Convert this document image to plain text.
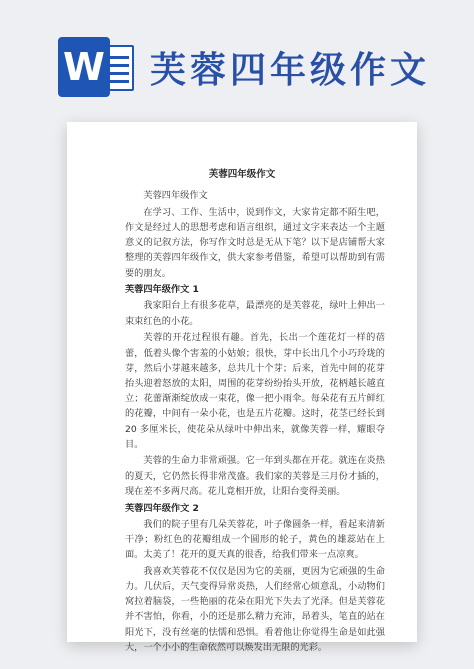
W 芙蓉四年级作文
芙蓉四年级作文

芙蓉四年级作文

在学习、工作、生活中，说到作文，大家肯定都不陌生吧，作文是经过人的思想考虑和语言组织，通过文字来表达一个主题意义的记叙方法，你写作文时总是无从下笔？以下是店铺帮大家整理的芙蓉四年级作文，供大家参考借鉴，希望可以帮助到有需要的朋友。

芙蓉四年级作文 1

我家阳台上有很多花草，最漂亮的是芙蓉花，绿叶上伸出一束束红色的小花。

芙蓉的开花过程很有趣。首先，长出一个莲花灯一样的蓓蕾，低着头像个害羞的小姑娘；很快，芽中长出几个小巧玲珑的芽，然后小芽越来越多，总共几十个芽；后来，首先中间的花芽抬头迎着怒放的太阳，周围的花芽纷纷抬头开放，花柄越长越直立；花蕾渐渐绽放成一束花，像一把小雨伞。每朵花有五片鲜红的花瓣，中间有一朵小花，也是五片花瓣。这时，花茎已经长到 20 多厘米长，使花朵从绿叶中伸出来，就像芙蓉一样，耀眼夺目。

芙蓉的生命力非常顽强。它一年到头都在开花。就连在炎热的夏天，它仍然长得非常茂盛。我们家的芙蓉是三月份才插的，现在差不多两尺高。花儿竟相开放，让阳台变得美丽。

芙蓉四年级作文 2

我们的院子里有几朵芙蓉花，叶子像圆条一样，看起来清新干净；粉红色的花瓣组成一个圆形的轮子，黄色的雄蕊站在上面。太美了！花开的夏天真的很香，给我们带来一点凉爽。

我喜欢芙蓉花不仅仅是因为它的美丽，更因为它顽强的生命力。几伏后，天气变得异常炎热，人们经常心烦意乱，小动物们窝拉着脑袋，一些艳丽的花朵在阳光下失去了光泽。但是芙蓉花并不害怕，你看，小的还是那么精力充沛，昂着头，笔直的站在阳光下，没有丝毫的怯懦和恐惧。看着他让你觉得生命是如此强大，一个小小的生命依然可以焕发出无限的光彩。
